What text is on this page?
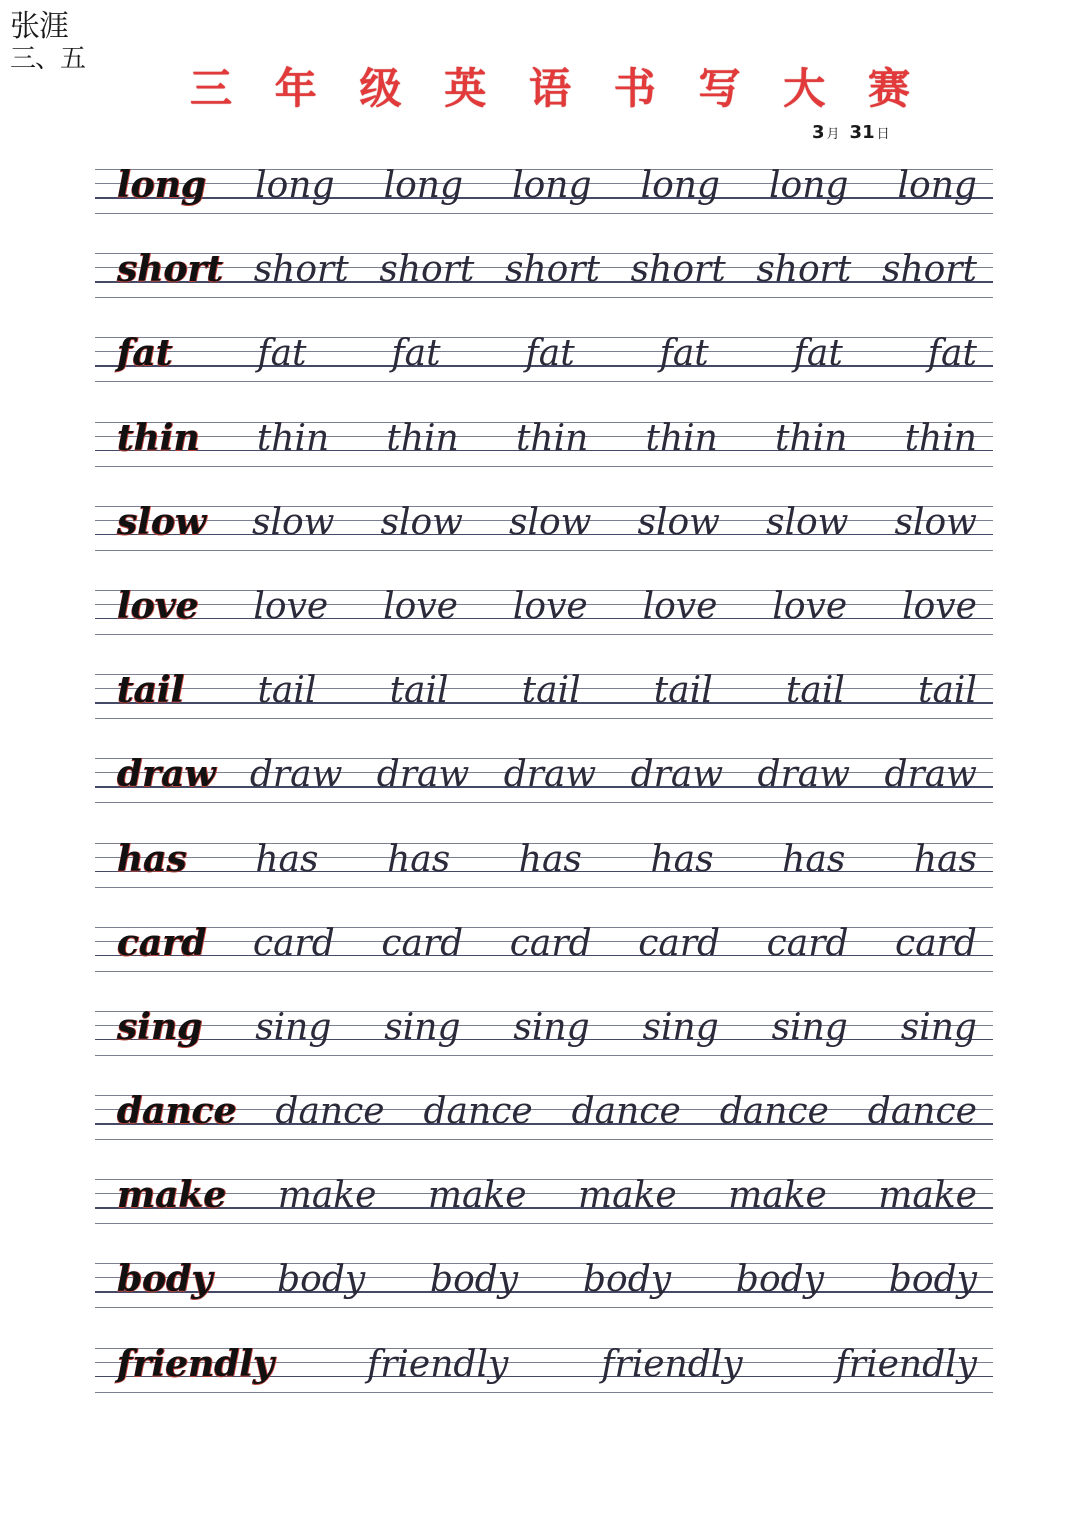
张涯
三、五
三 年 级 英 语 书 写 大 赛
3 月 31 日
long long long long long long long
short short short short short short short
fat fat fat fat fat fat fat
thin thin thin thin thin thin thin
slow slow slow slow slow slow slow
love love love love love love love
tail tail tail tail tail tail tail
draw draw draw draw draw draw draw
has has has has has has has
card card card card card card card
sing sing sing sing sing sing sing
dance dance dance dance dance dance
make make make make make make
body body body body body body
friendly	friendly	friendly	friendly
